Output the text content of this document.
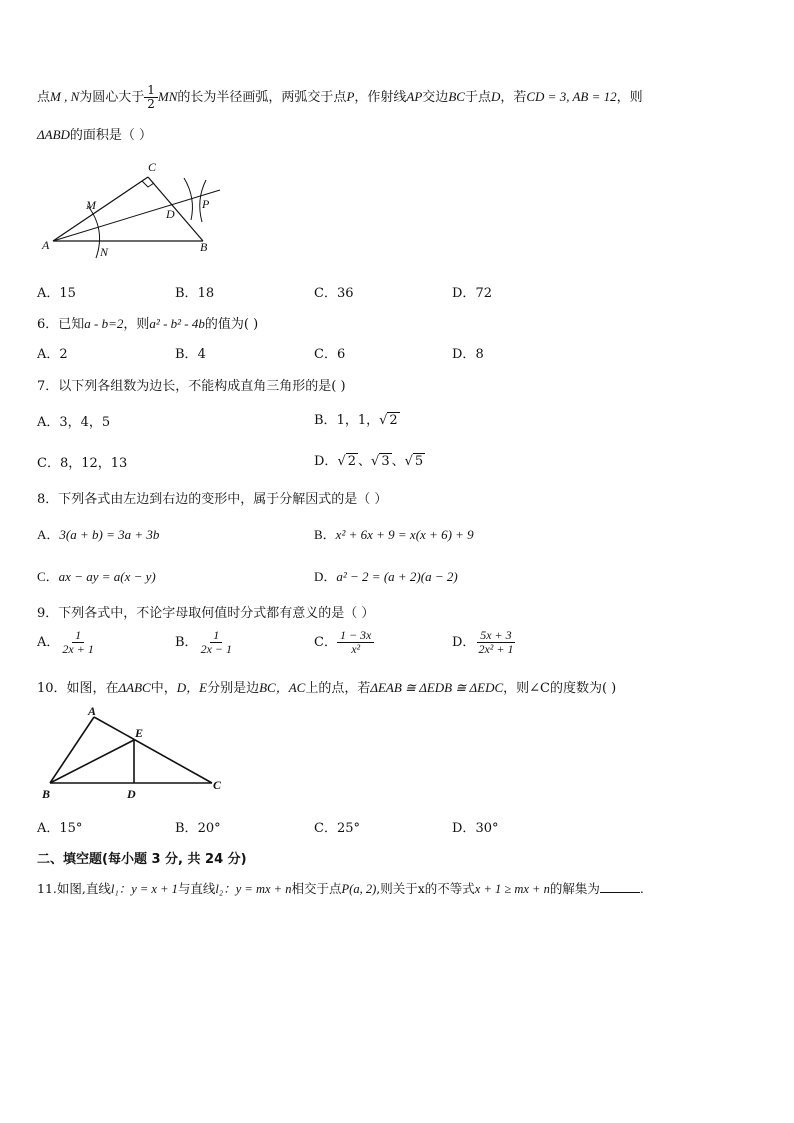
点M , N为圆心大于 $\frac{1}{2}$ MN的长为半径画弧，两弧交于点P，作射线AP交边BC于点D，若CD = 3, AB = 12，则
ΔABD的面积是（ ）
C
M
D
P
A	N	B
A．15	B．18	C．36	D．72
6．已知a - b=2，则a² - b² - 4b的值为( )
A．2	B．4	C．6	D．8
7．以下列各组数为边长，不能构成直角三角形的是( )
A．3，4，5	B．1，1，√ 2
C．8，12，13	D．√ 2 、√ 3 、√ 5
8．下列各式由左边到右边的变形中，属于分解因式的是（ ）
A．3(a + b) = 3a + 3b	B．x² + 6x + 9 = x(x + 6) + 9
C．ax − ay = a(x − y)	D．a² − 2 = (a + 2)(a − 2)
9．下列各式中，不论字母取何值时分式都有意义的是（ ）
A． $\frac{1}{2x + 1}$	B． $\frac{1}{2x - 1}$	C． $\frac{1 - 3x}{\text{x²}}$	D． $\frac{5x + 3}{\text{2x² + 1}}$
10．如图，在ΔABC中，D，E分别是边BC，AC上的点，若ΔEAB ≅ ΔEDB ≅ ΔEDC，则∠C的度数为( )
A
E
B	D
C
A．15°	B．20°	C．25°	D．30°
二、填空题(每小题 3 分, 共 24 分)
11.如图,直线l₁：y = x + 1与直线l₂：y = mx + n相交于点P(a, 2),则关于x的不等式x + 1 ≥ mx + n的解集为	.
